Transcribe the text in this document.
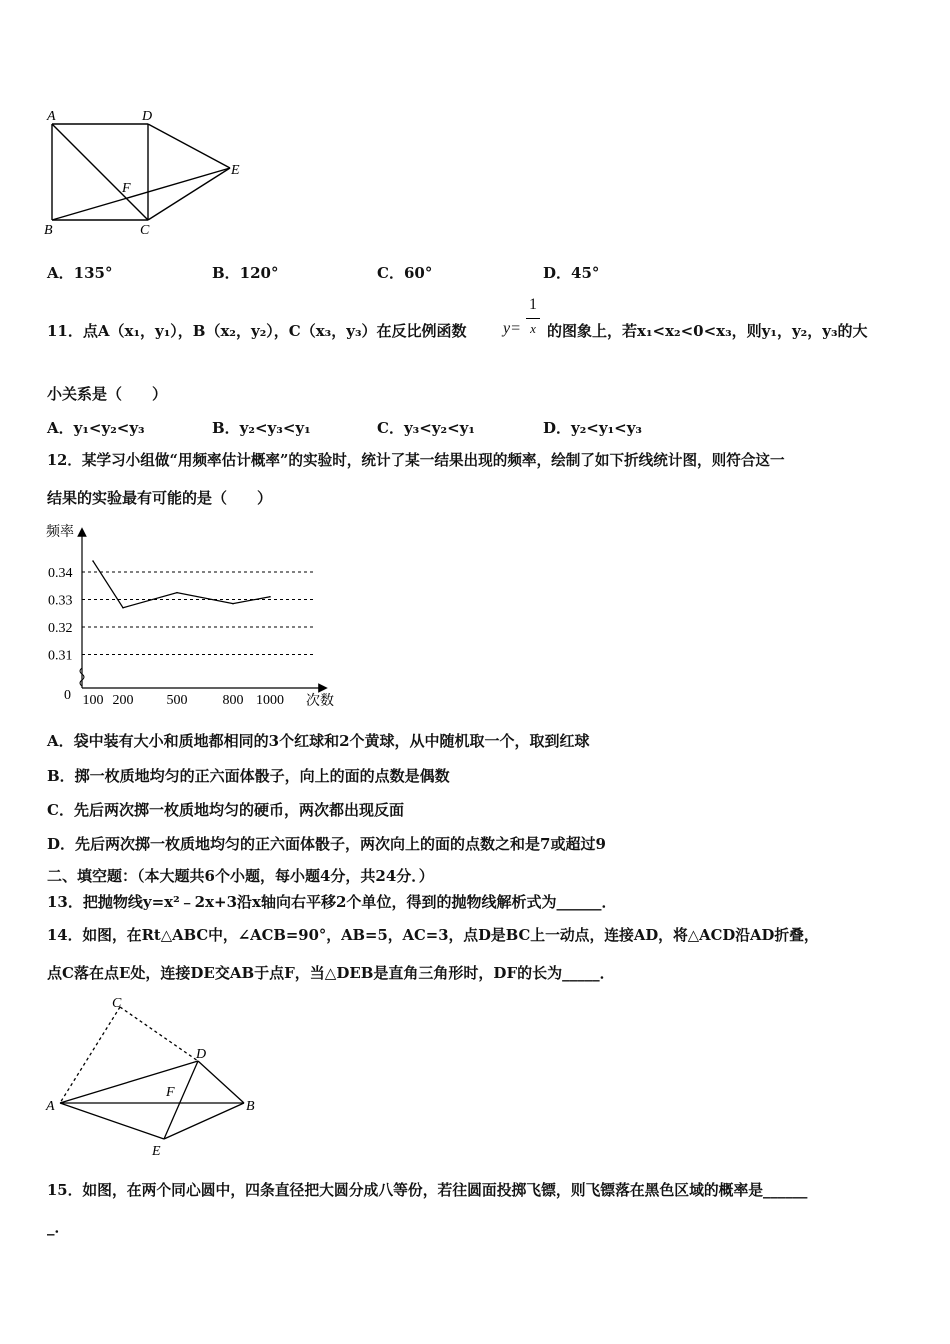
A	D
E
F
B	C
A．135°	B．120°	C．60°	D．45°
11．点A（x₁，y₁），B（x₂，y₂），C（x₃，y₃）在反比例函数 y=
1
x 的图象上，若x₁<x₂<0<x₃，则y₁，y₂，y₃的大
小关系是（　　）
A．y₁<y₂<y₃	B．y₂<y₃<y₁	C．y₃<y₂<y₁	D．y₂<y₁<y₃
12．某学习小组做“用频率估计概率”的实验时，统计了某一结果出现的频率，绘制了如下折线统计图，则符合这一
结果的实验最有可能的是（　　）
频率
次数
0
0.34
0.33
0.32
0.31
100 200 500	800 1000
A．袋中装有大小和质地都相同的3个红球和2个黄球，从中随机取一个，取到红球
B．掷一枚质地均匀的正六面体骰子，向上的面的点数是偶数
C．先后两次掷一枚质地均匀的硬币，两次都出现反面
D．先后两次掷一枚质地均匀的正六面体骰子，两次向上的面的点数之和是7或超过9
二、填空题：（本大题共6个小题，每小题4分，共24分．）
13．把抛物线y=x²﹣2x+3沿x轴向右平移2个单位，得到的抛物线解析式为______．
14．如图，在Rt△ABC中，∠ACB=90°，AB=5，AC=3，点D是BC上一动点，连接AD，将△ACD沿AD折叠，
点C落在点E处，连接DE交AB于点F，当△DEB是直角三角形时，DF的长为_____．
C
D
F
A	B
E
15．如图，在两个同心圆中，四条直径把大圆分成八等份，若往圆面投掷飞镖，则飞镖落在黑色区域的概率是______
_．
